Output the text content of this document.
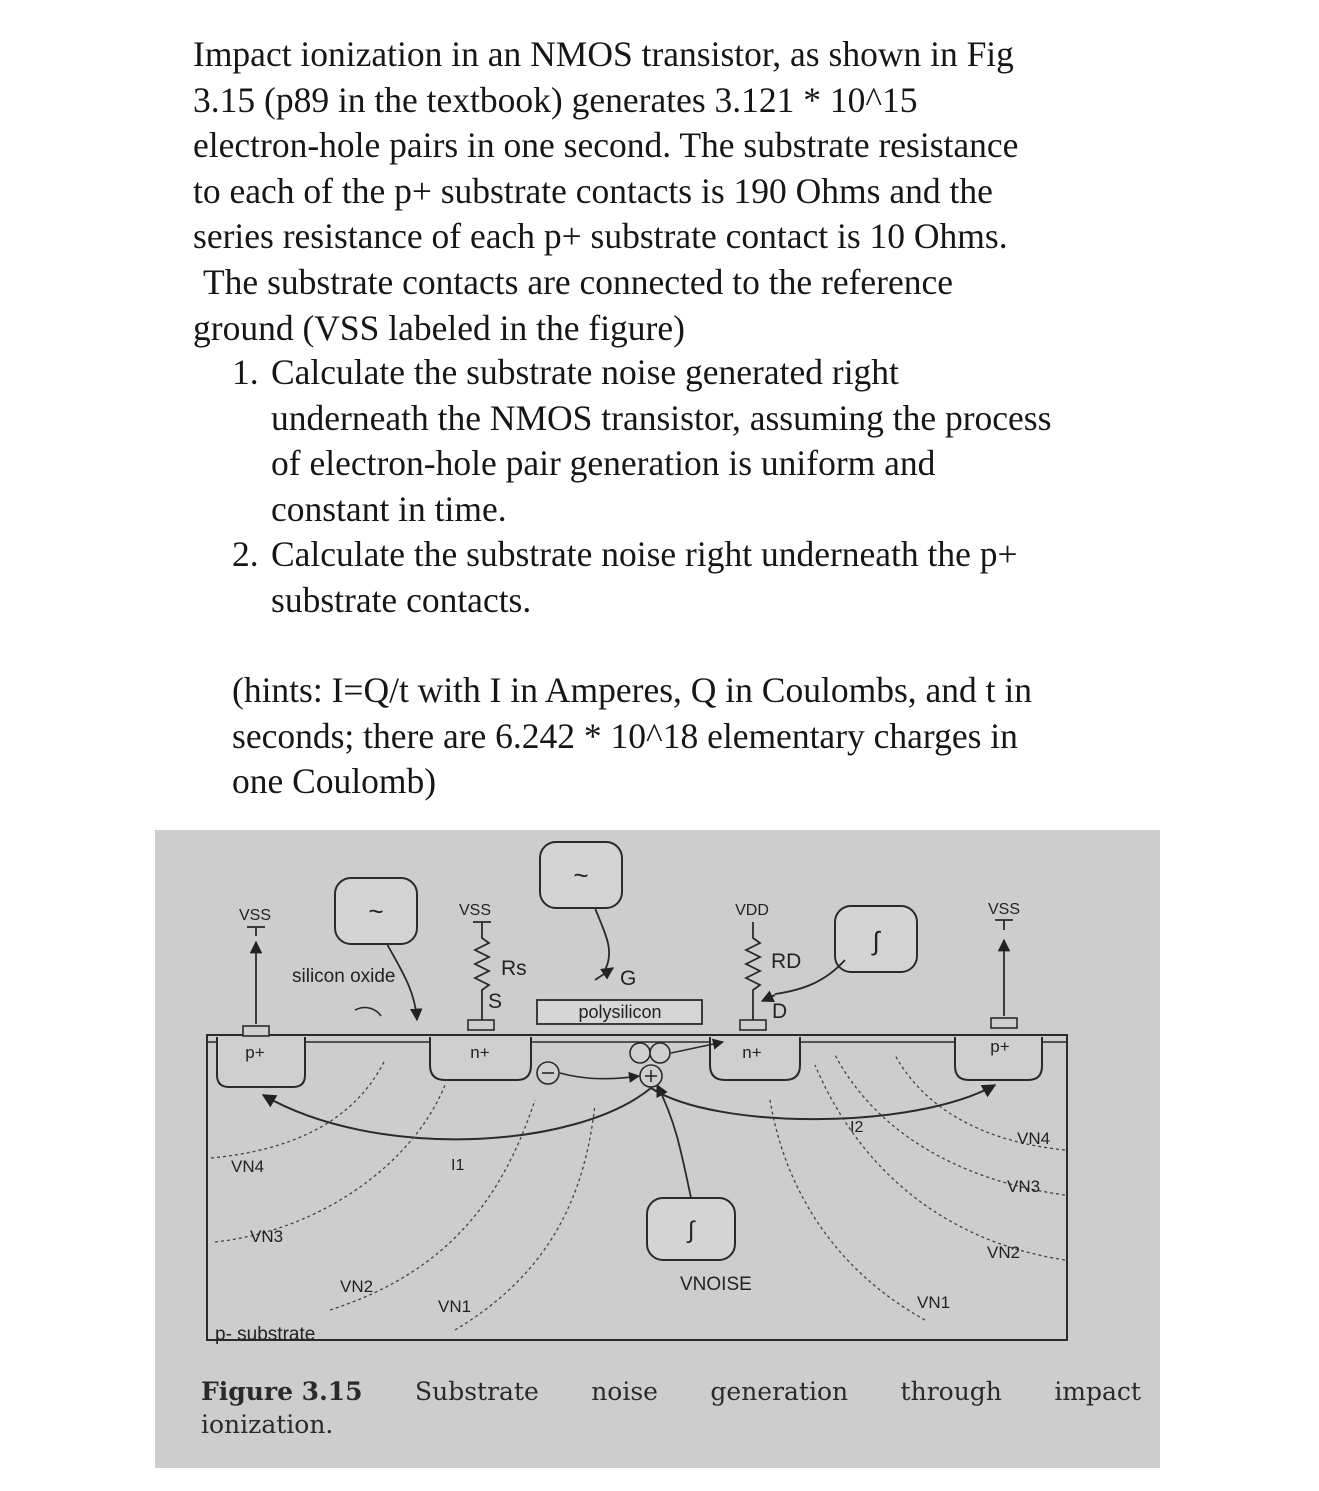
Impact ionization in an NMOS transistor, as shown in Fig
3.15 (p89 in the textbook) generates 3.121 * 10^15
electron-hole pairs in one second. The substrate resistance
to each of the p+ substrate contacts is 190 Ohms and the
series resistance of each p+ substrate contact is 10 Ohms.
The substrate contacts are connected to the reference
ground (VSS labeled in the figure)
1. Calculate the substrate noise generated right
underneath the NMOS transistor, assuming the process
of electron-hole pair generation is uniform and
constant in time.
2. Calculate the substrate noise right underneath the p+
substrate contacts.
(hints: I=Q/t with I in Amperes, Q in Coulombs, and t in
seconds; there are 6.242 * 10^18 elementary charges in
one Coulomb)
~
~
∫
∫
VSS	VSS	VDD	VSS
silicon oxide	Rs
S
G
RD
D
polysilicon
p+	n+	n+	p+
I1
I2
VN4
VN3
VN2
VN1
VNOISE
VN1
VN2
VN3
VN4
p- substrate
Figure 3.15 Substrate noise generation through impact
ionization.
